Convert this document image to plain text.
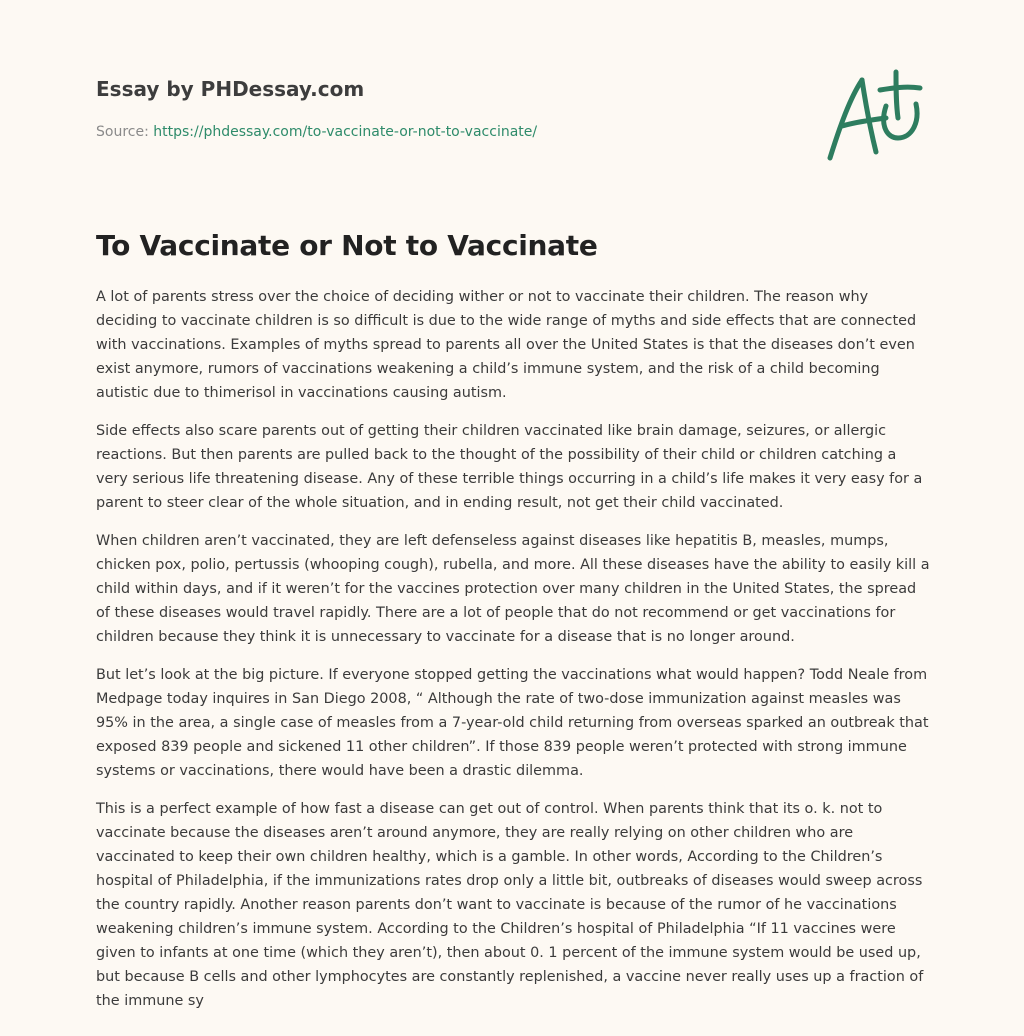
Essay by PHDessay.com
Source: https://phdessay.com/to-vaccinate-or-not-to-vaccinate/
To Vaccinate or Not to Vaccinate

A lot of parents stress over the choice of deciding wither or not to vaccinate their children. The reason why deciding to vaccinate children is so difficult is due to the wide range of myths and side effects that are connected with vaccinations. Examples of myths spread to parents all over the United States is that the diseases don’t even exist anymore, rumors of vaccinations weakening a child’s immune system, and the risk of a child becoming autistic due to thimerisol in vaccinations causing autism.

Side effects also scare parents out of getting their children vaccinated like brain damage, seizures, or allergic reactions. But then parents are pulled back to the thought of the possibility of their child or children catching a very serious life threatening disease. Any of these terrible things occurring in a child’s life makes it very easy for a parent to steer clear of the whole situation, and in ending result, not get their child vaccinated.

When children aren’t vaccinated, they are left defenseless against diseases like hepatitis B, measles, mumps, chicken pox, polio, pertussis (whooping cough), rubella, and more. All these diseases have the ability to easily kill a child within days, and if it weren’t for the vaccines protection over many children in the United States, the spread of these diseases would travel rapidly. There are a lot of people that do not recommend or get vaccinations for children because they think it is unnecessary to vaccinate for a disease that is no longer around.

But let’s look at the big picture. If everyone stopped getting the vaccinations what would happen? Todd Neale from Medpage today inquires in San Diego 2008, “ Although the rate of two-dose immunization against measles was 95% in the area, a single case of measles from a 7-year-old child returning from overseas sparked an outbreak that exposed 839 people and sickened 11 other children”. If those 839 people weren’t protected with strong immune systems or vaccinations, there would have been a drastic dilemma.

This is a perfect example of how fast a disease can get out of control. When parents think that its o. k. not to vaccinate because the diseases aren’t around anymore, they are really relying on other children who are vaccinated to keep their own children healthy, which is a gamble. In other words, According to the Children’s hospital of Philadelphia, if the immunizations rates drop only a little bit, outbreaks of diseases would sweep across the country rapidly. Another reason parents don’t want to vaccinate is because of the rumor of he vaccinations weakening children’s immune system. According to the Children’s hospital of Philadelphia “If 11 vaccines were given to infants at one time (which they aren’t), then about 0. 1 percent of the immune system would be used up, but because B cells and other lymphocytes are constantly replenished, a vaccine never really uses up a fraction of the immune sy
